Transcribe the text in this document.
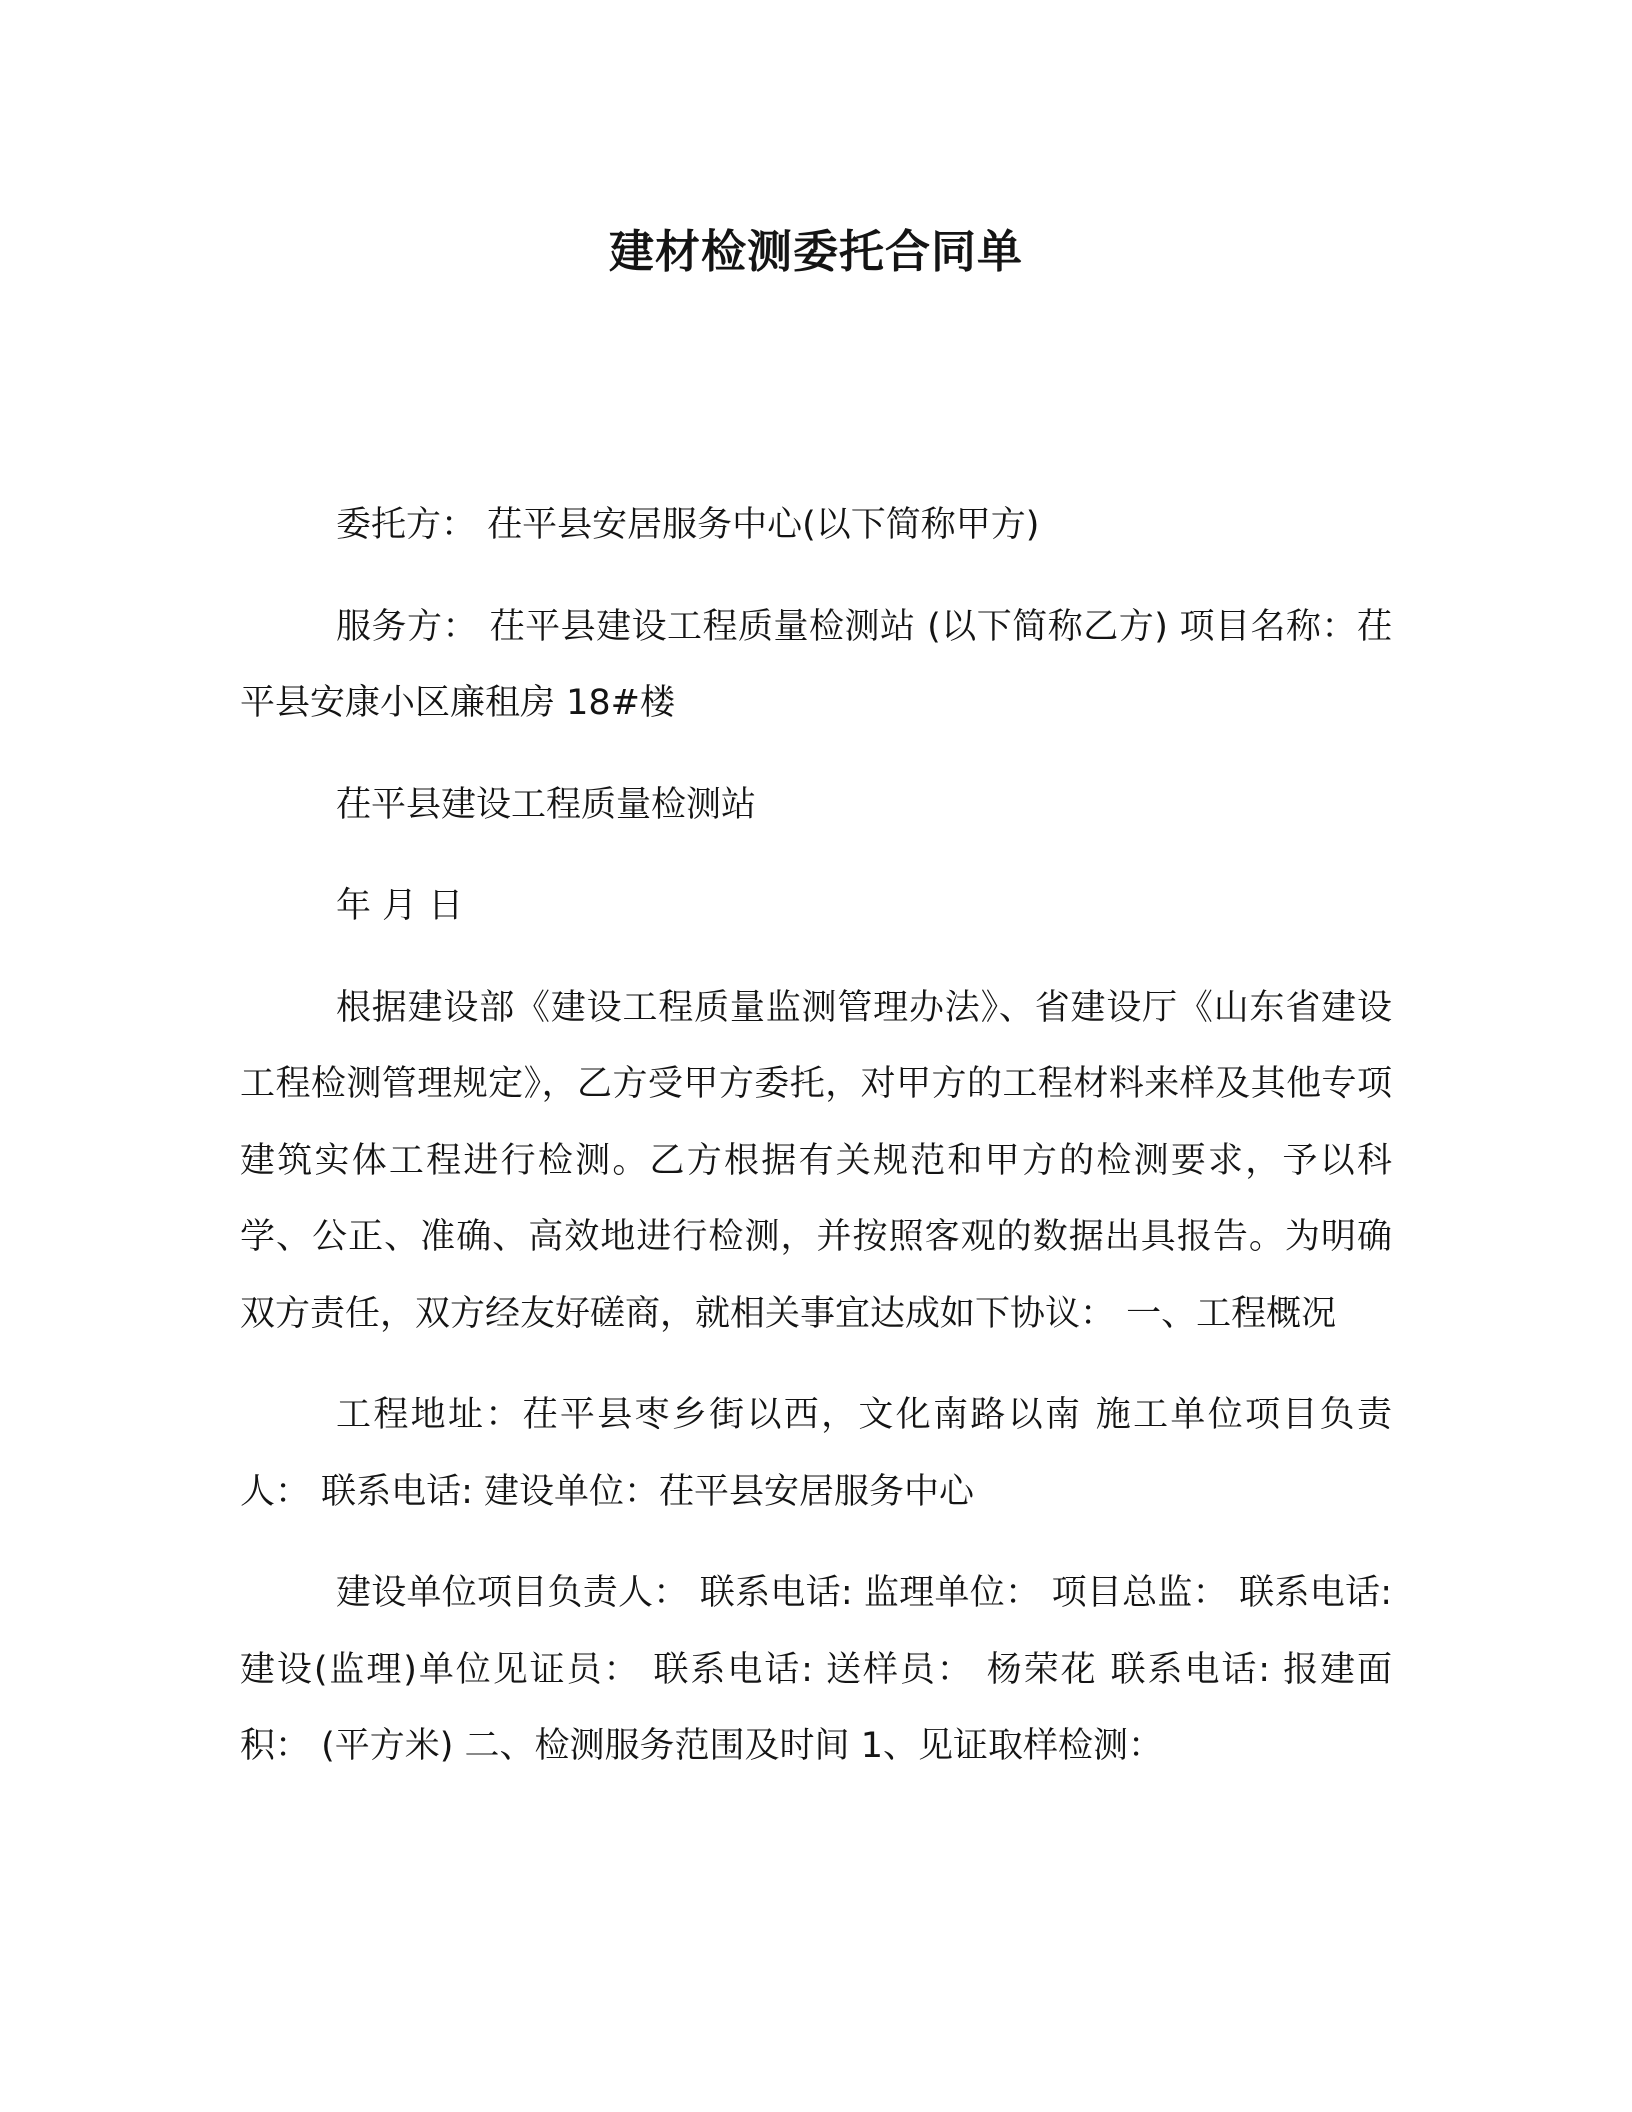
建材检测委托合同单

委托方： 茌平县安居服务中心(以下简称甲方)

服务方： 茌平县建设工程质量检测站 (以下简称乙方) 项目名称：茌平县安康小区廉租房 18#楼

茌平县建设工程质量检测站

年 月 日

根据建设部《建设工程质量监测管理办法》、省建设厅《山东省建设工程检测管理规定》，乙方受甲方委托，对甲方的工程材料来样及其他专项建筑实体工程进行检测。乙方根据有关规范和甲方的检测要求，予以科学、公正、准确、高效地进行检测，并按照客观的数据出具报告。为明确双方责任，双方经友好磋商，就相关事宜达成如下协议： 一、工程概况

工程地址：茌平县枣乡街以西，文化南路以南 施工单位项目负责人： 联系电话: 建设单位：茌平县安居服务中心

建设单位项目负责人： 联系电话: 监理单位： 项目总监： 联系电话: 建设(监理)单位见证员： 联系电话: 送样员： 杨荣花 联系电话: 报建面积： (平方米) 二、检测服务范围及时间 1、见证取样检测：
